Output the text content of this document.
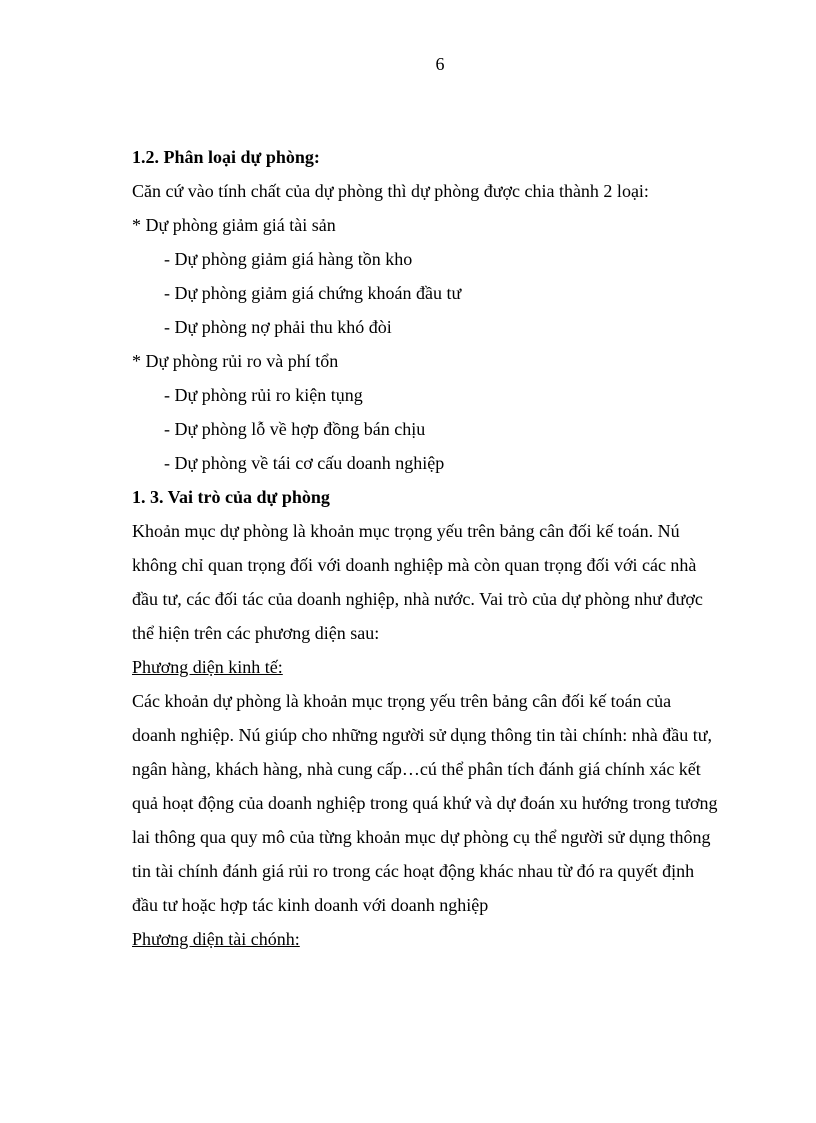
6
1.2. Phân loại dự phòng:
Căn cứ vào tính chất của dự phòng thì dự phòng được chia thành 2 loại:
* Dự phòng giảm giá tài sản
- Dự phòng giảm giá hàng tồn kho
- Dự phòng giảm giá chứng khoán đầu tư
- Dự phòng nợ phải thu khó đòi
* Dự phòng rủi ro và phí tổn
- Dự phòng rủi ro kiện tụng
- Dự phòng lỗ về hợp đồng bán chịu
- Dự phòng về tái cơ cấu doanh nghiệp
1. 3. Vai trò của dự phòng
Khoản mục dự phòng là khoản mục trọng yếu trên bảng cân đối kế toán. Nú
không chỉ quan trọng đối với doanh nghiệp mà còn quan trọng đối với các nhà
đầu tư, các đối tác của doanh nghiệp, nhà nước. Vai trò của dự phòng như được
thể hiện trên các phương diện sau:
Phương diện kinh tế:
Các khoản dự phòng là khoản mục trọng yếu trên bảng cân đối kế toán của
doanh nghiệp. Nú giúp cho những người sử dụng thông tin tài chính: nhà đầu tư,
ngân hàng, khách hàng, nhà cung cấp…cú thể phân tích đánh giá chính xác kết
quả hoạt động của doanh nghiệp trong quá khứ và dự đoán xu hướng trong tương
lai thông qua quy mô của từng khoản mục dự phòng cụ thể người sử dụng thông
tin tài chính đánh giá rủi ro trong các hoạt động khác nhau từ đó ra quyết định
đầu tư hoặc hợp tác kinh doanh với doanh nghiệp
Phương diện tài chónh:
